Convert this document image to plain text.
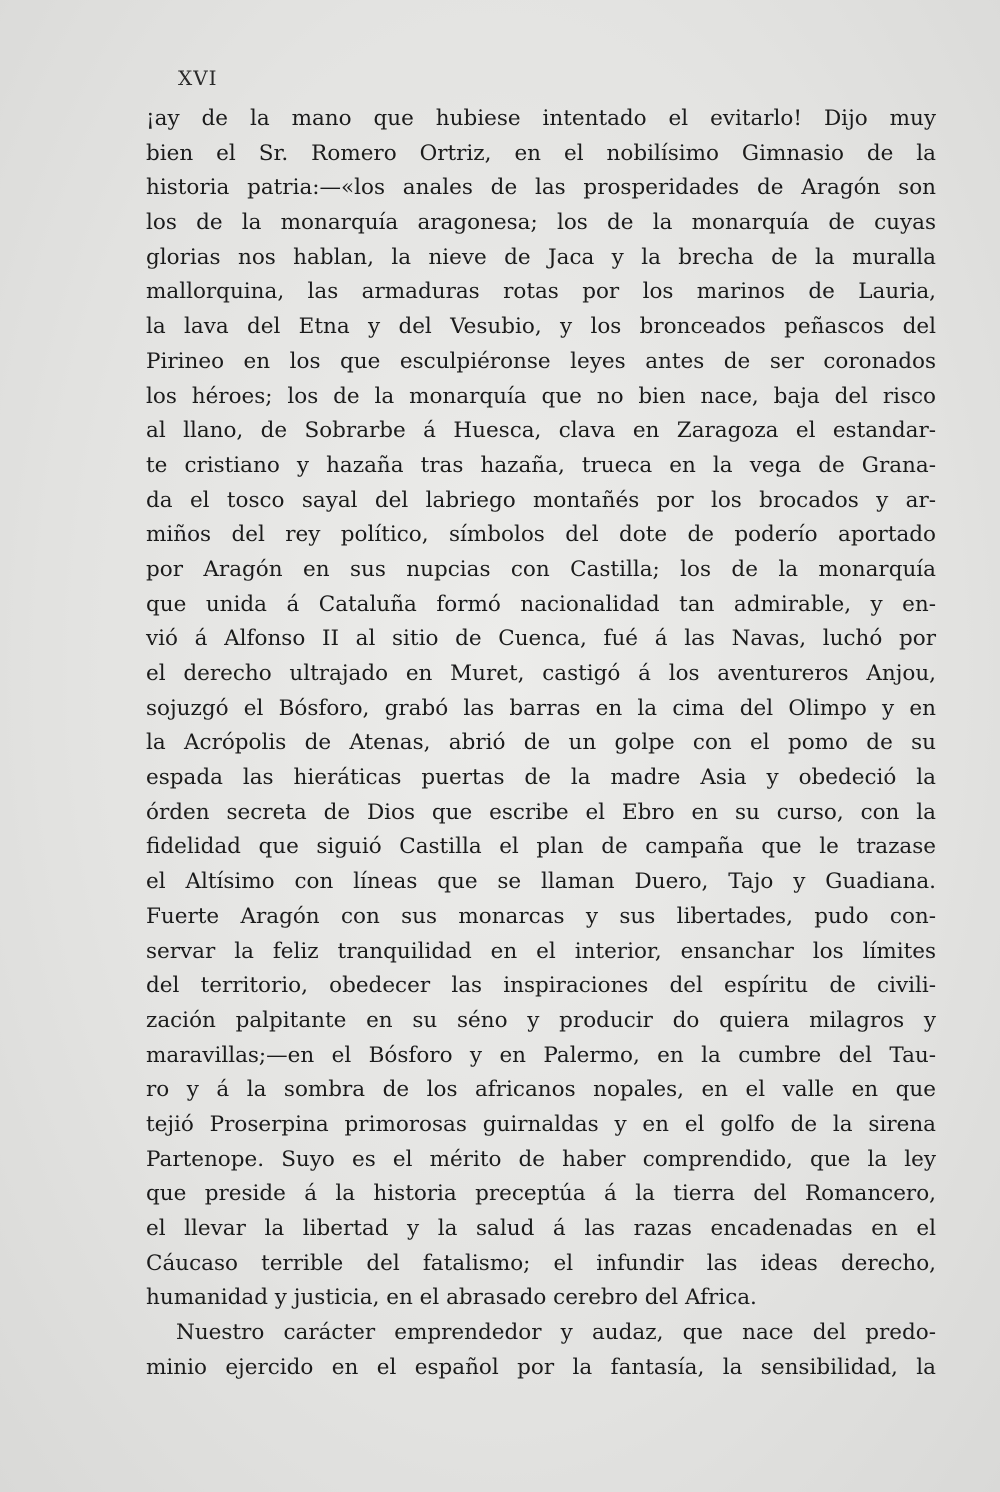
XVI

¡ay de la mano que hubiese intentado el evitarlo! Dijo muy
bien el Sr. Romero Ortriz, en el nobilísimo Gimnasio de la
historia patria:—«los anales de las prosperidades de Aragón son
los de la monarquía aragonesa; los de la monarquía de cuyas
glorias nos hablan, la nieve de Jaca y la brecha de la muralla
mallorquina, las armaduras rotas por los marinos de Lauria,
la lava del Etna y del Vesubio, y los bronceados peñascos del
Pirineo en los que esculpiéronse leyes antes de ser coronados
los héroes; los de la monarquía que no bien nace, baja del risco
al llano, de Sobrarbe á Huesca, clava en Zaragoza el estandar-
te cristiano y hazaña tras hazaña, trueca en la vega de Grana-
da el tosco sayal del labriego montañés por los brocados y ar-
miños del rey político, símbolos del dote de poderío aportado
por Aragón en sus nupcias con Castilla; los de la monarquía
que unida á Cataluña formó nacionalidad tan admirable, y en-
vió á Alfonso II al sitio de Cuenca, fué á las Navas, luchó por
el derecho ultrajado en Muret, castigó á los aventureros Anjou,
sojuzgó el Bósforo, grabó las barras en la cima del Olimpo y en
la Acrópolis de Atenas, abrió de un golpe con el pomo de su
espada las hieráticas puertas de la madre Asia y obedeció la
órden secreta de Dios que escribe el Ebro en su curso, con la
fidelidad que siguió Castilla el plan de campaña que le trazase
el Altísimo con líneas que se llaman Duero, Tajo y Guadiana.
Fuerte Aragón con sus monarcas y sus libertades, pudo con-
servar la feliz tranquilidad en el interior, ensanchar los límites
del territorio, obedecer las inspiraciones del espíritu de civili-
zación palpitante en su séno y producir do quiera milagros y
maravillas;—en el Bósforo y en Palermo, en la cumbre del Tau-
ro y á la sombra de los africanos nopales, en el valle en que
tejió Proserpina primorosas guirnaldas y en el golfo de la sirena
Partenope. Suyo es el mérito de haber comprendido, que la ley
que preside á la historia preceptúa á la tierra del Romancero,
el llevar la libertad y la salud á las razas encadenadas en el
Cáucaso terrible del fatalismo; el infundir las ideas derecho,
humanidad y justicia, en el abrasado cerebro del Africa.
Nuestro carácter emprendedor y audaz, que nace del predo-
minio ejercido en el español por la fantasía, la sensibilidad, la
